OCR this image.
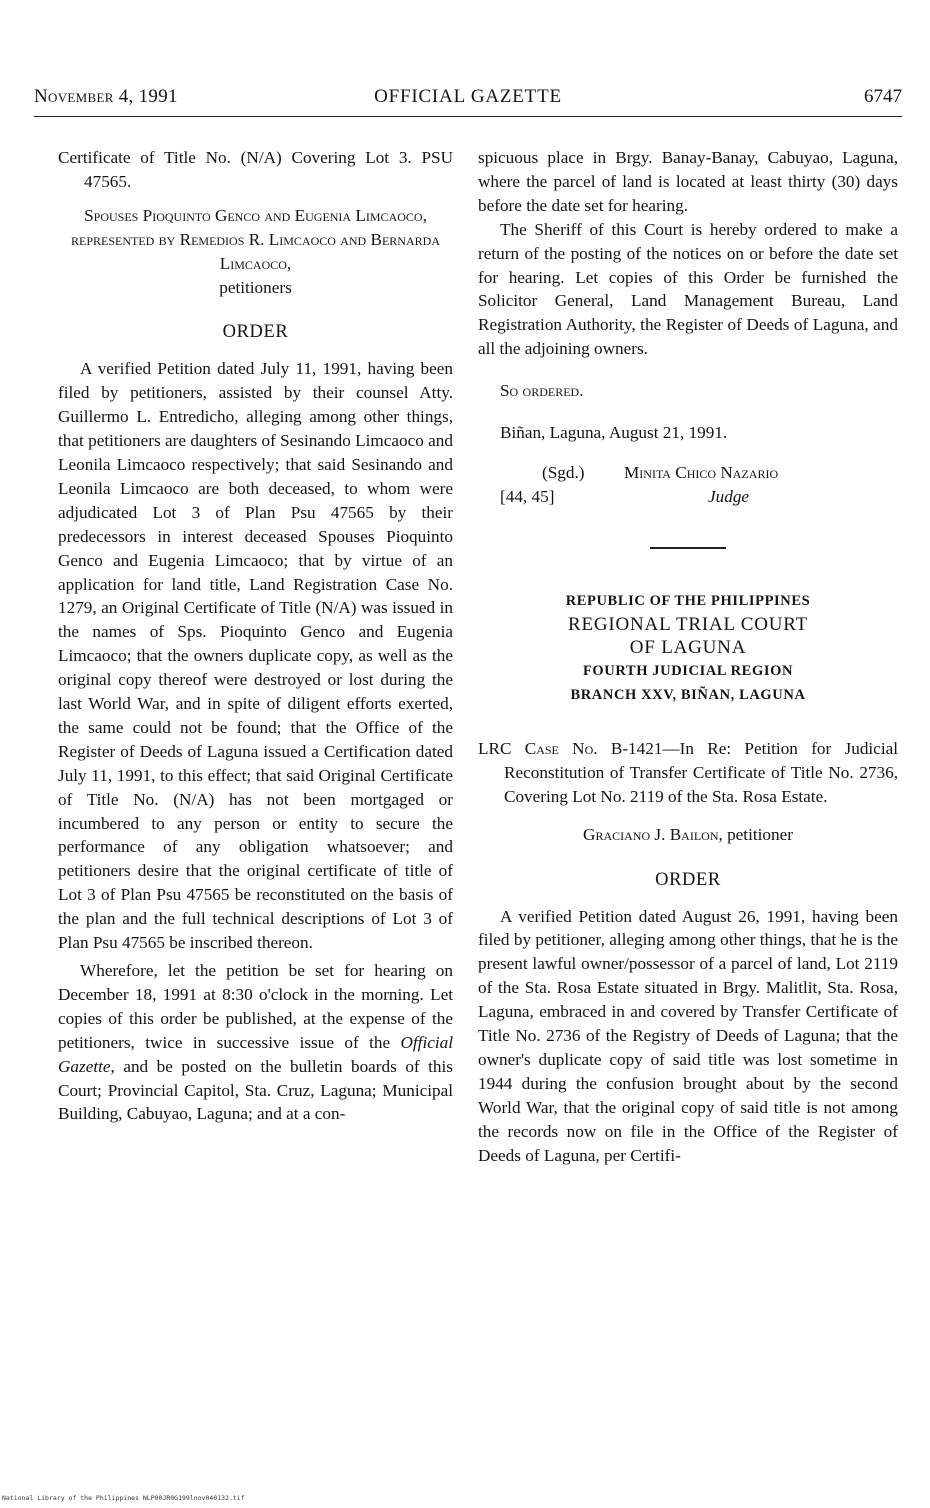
November 4, 1991	OFFICIAL GAZETTE	6747

Certificate of Title No. (N/A) Covering Lot 3. PSU 47565.

Spouses Pioquinto Genco and Eugenia Limcaoco, represented by Remedios R. Limcaoco and Bernarda Limcaoco,
petitioners
ORDER

A verified Petition dated July 11, 1991, having been filed by petitioners, assisted by their counsel Atty. Guillermo L. Entredicho, alleging among other things, that petitioners are daughters of Sesinando Limcaoco and Leonila Limcaoco respectively; that said Sesinando and Leonila Limcaoco are both deceased, to whom were adjudicated Lot 3 of Plan Psu 47565 by their predecessors in interest deceased Spouses Pioquinto Genco and Eugenia Limcaoco; that by virtue of an application for land title, Land Registration Case No. 1279, an Original Certificate of Title (N/A) was issued in the names of Sps. Pioquinto Genco and Eugenia Limcaoco; that the owners duplicate copy, as well as the original copy thereof were destroyed or lost during the last World War, and in spite of diligent efforts exerted, the same could not be found; that the Office of the Register of Deeds of Laguna issued a Certification dated July 11, 1991, to this effect; that said Original Certificate of Title No. (N/A) has not been mortgaged or incumbered to any person or entity to secure the performance of any obligation whatsoever; and petitioners desire that the original certificate of title of Lot 3 of Plan Psu 47565 be reconstituted on the basis of the plan and the full technical descriptions of Lot 3 of Plan Psu 47565 be inscribed thereon.

Wherefore, let the petition be set for hearing on December 18, 1991 at 8:30 o'clock in the morning. Let copies of this order be published, at the expense of the petitioners, twice in successive issue of the Official Gazette, and be posted on the bulletin boards of this Court; Provincial Capitol, Sta. Cruz, Laguna; Municipal Building, Cabuyao, Laguna; and at a con-

spicuous place in Brgy. Banay-Banay, Cabuyao, Laguna, where the parcel of land is located at least thirty (30) days before the date set for hearing.

The Sheriff of this Court is hereby ordered to make a return of the posting of the notices on or before the date set for hearing. Let copies of this Order be furnished the Solicitor General, Land Management Bureau, Land Registration Authority, the Register of Deeds of Laguna, and all the adjoining owners.

So ordered.

Biñan, Laguna, August 21, 1991.

(Sgd.) Minita Chico Nazario
[44, 45]	Judge
REPUBLIC OF THE PHILIPPINES
REGIONAL TRIAL COURT
OF LAGUNA
FOURTH JUDICIAL REGION
BRANCH XXV, BIÑAN, LAGUNA

LRC Case No. B-1421—In Re: Petition for Judicial Reconstitution of Transfer Certificate of Title No. 2736, Covering Lot No. 2119 of the Sta. Rosa Estate.

Graciano J. Bailon, petitioner
ORDER

A verified Petition dated August 26, 1991, having been filed by petitioner, alleging among other things, that he is the present lawful owner/possessor of a parcel of land, Lot 2119 of the Sta. Rosa Estate situated in Brgy. Malitlit, Sta. Rosa, Laguna, embraced in and covered by Transfer Certificate of Title No. 2736 of the Registry of Deeds of Laguna; that the owner's duplicate copy of said title was lost sometime in 1944 during the confusion brought about by the second World War, that the original copy of said title is not among the records now on file in the Office of the Register of Deeds of Laguna, per Certifi-

National Library of the Philippines NLP00JR0G199lnov040132.tif
